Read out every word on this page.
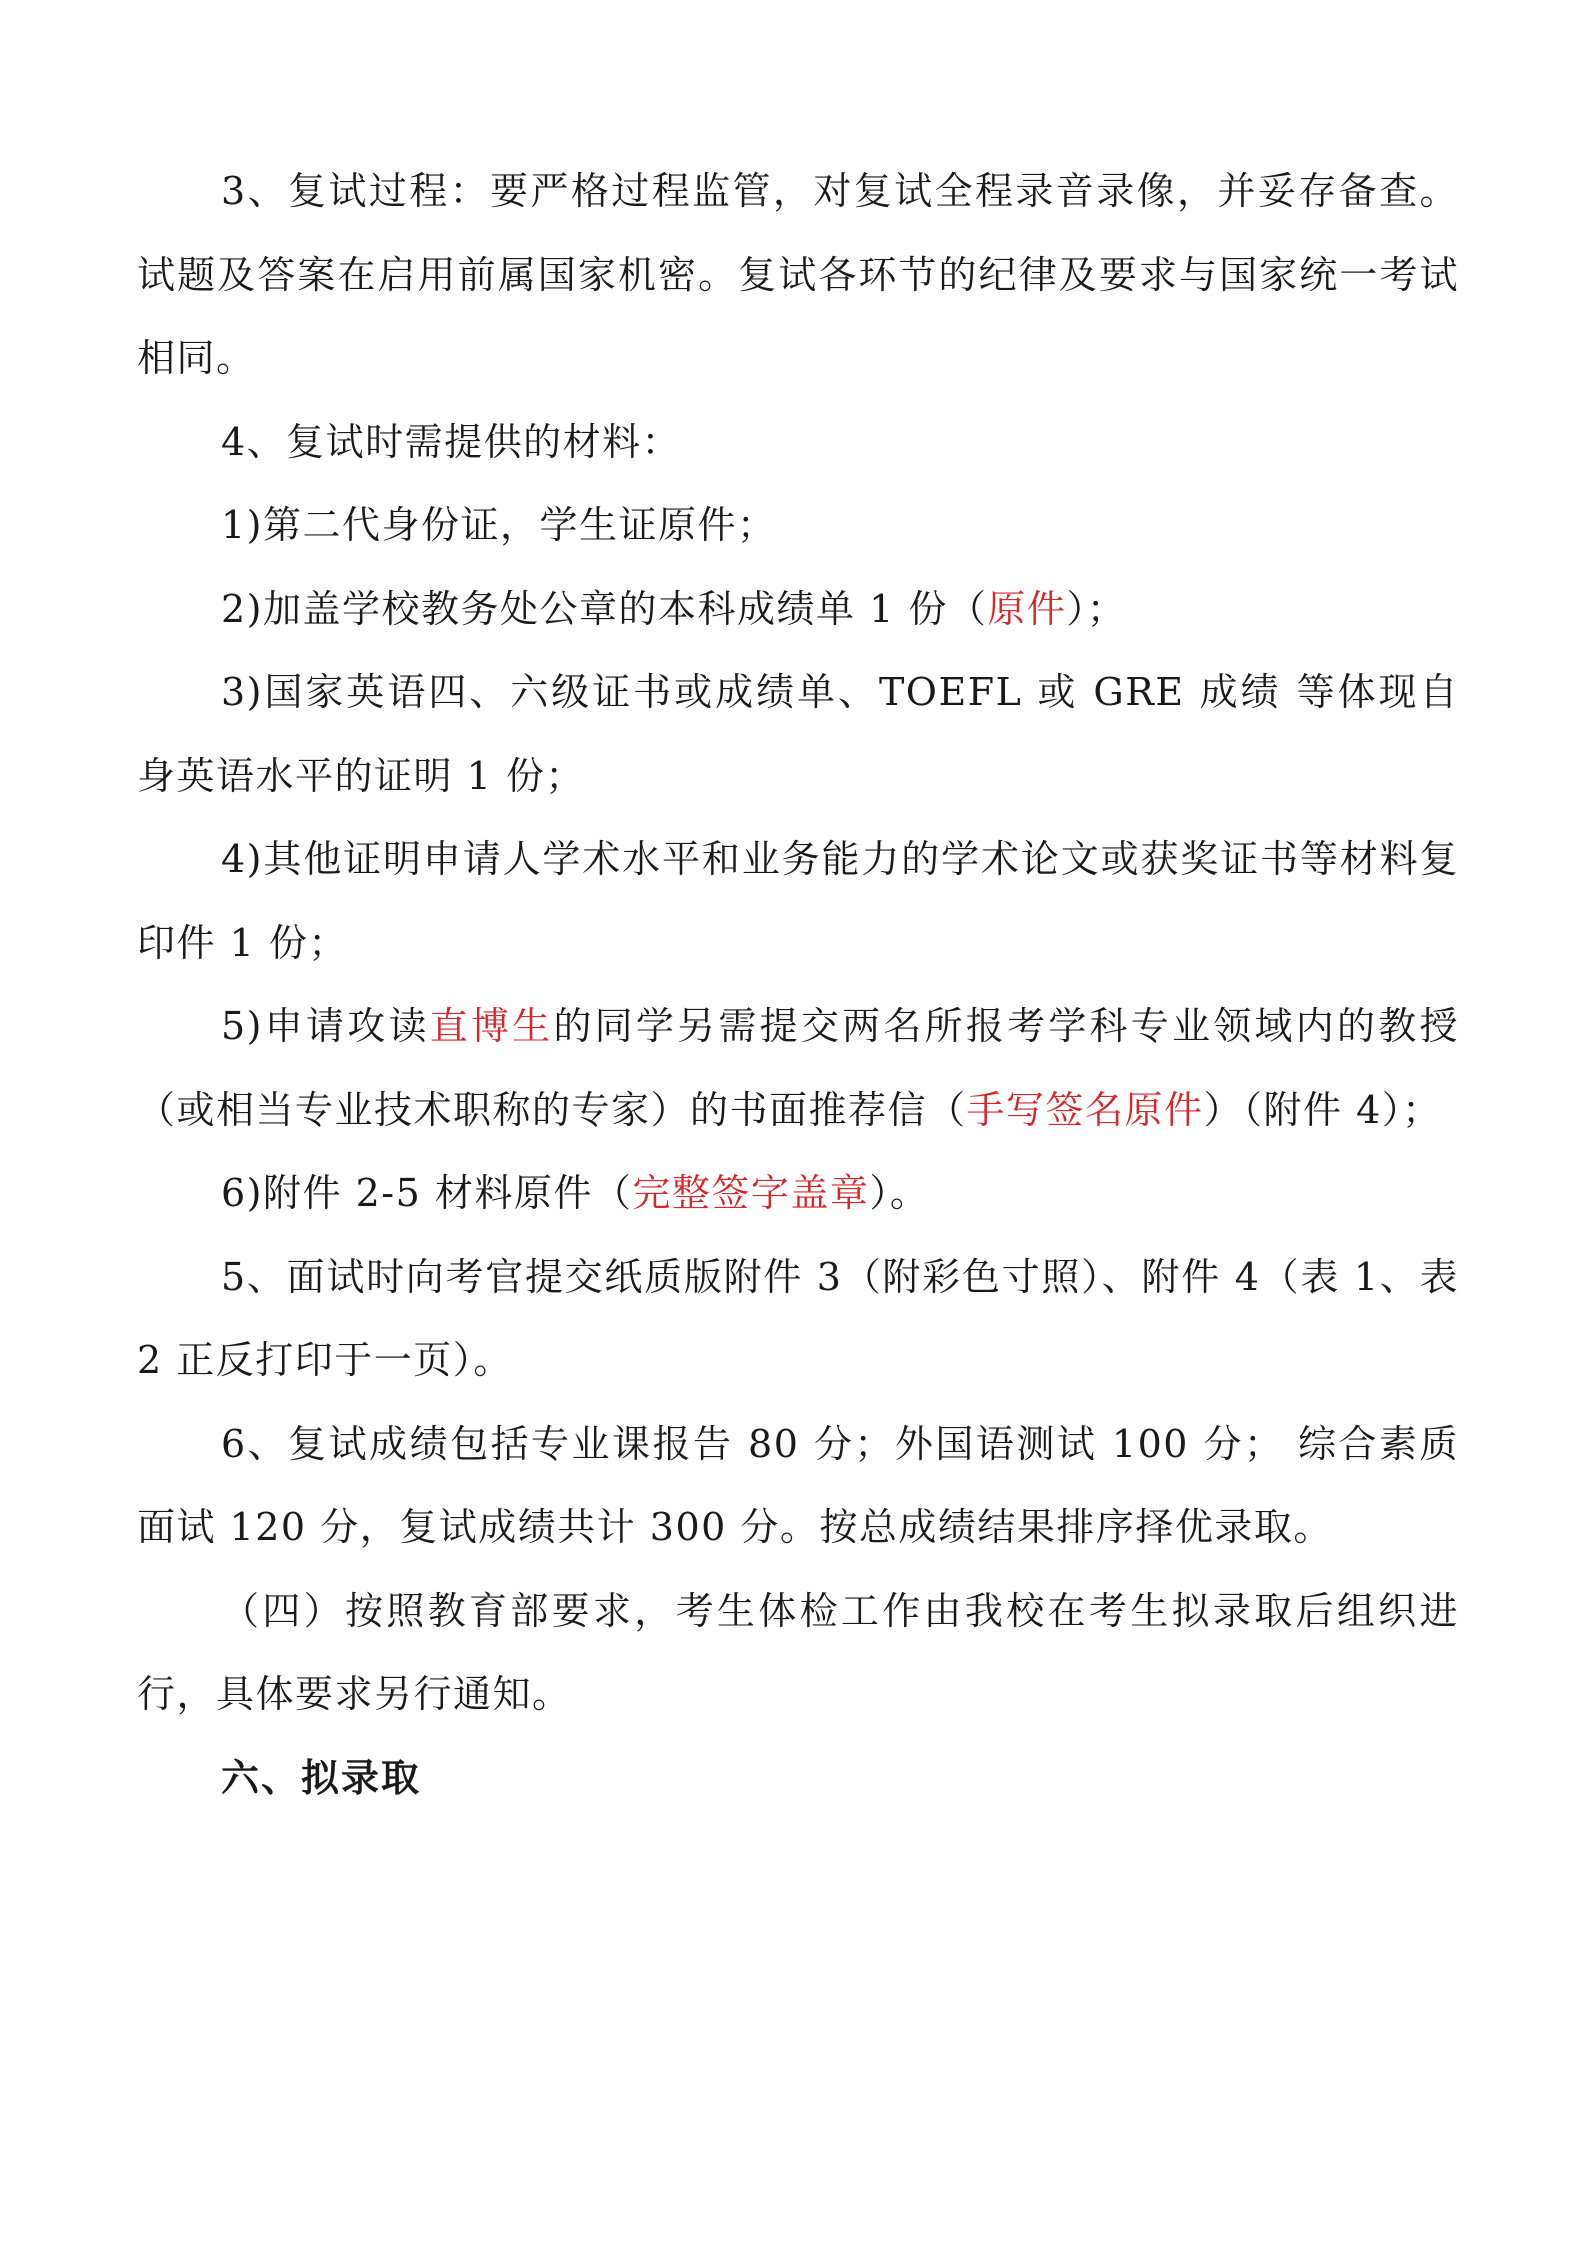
3、复试过程：要严格过程监管，对复试全程录音录像，并妥存备查。试题及答案在启用前属国家机密。复试各环节的纪律及要求与国家统一考试相同。

4、复试时需提供的材料：

1)第二代身份证，学生证原件；

2)加盖学校教务处公章的本科成绩单 1 份（原件）；

3)国家英语四、六级证书或成绩单、TOEFL 或 GRE 成绩 等体现自身英语水平的证明 1 份；

4)其他证明申请人学术水平和业务能力的学术论文或获奖证书等材料复印件 1 份；

5)申请攻读直博生的同学另需提交两名所报考学科专业领域内的教授（或相当专业技术职称的专家）的书面推荐信（手写签名原件）（附件 4）；

6)附件 2-5 材料原件（完整签字盖章）。

5、面试时向考官提交纸质版附件 3（附彩色寸照）、附件 4（表 1、表 2 正反打印于一页）。

6、复试成绩包括专业课报告 80 分；外国语测试 100 分； 综合素质面试 120 分，复试成绩共计 300 分。按总成绩结果排序择优录取。

（四）按照教育部要求，考生体检工作由我校在考生拟录取后组织进行，具体要求另行通知。

六、拟录取
